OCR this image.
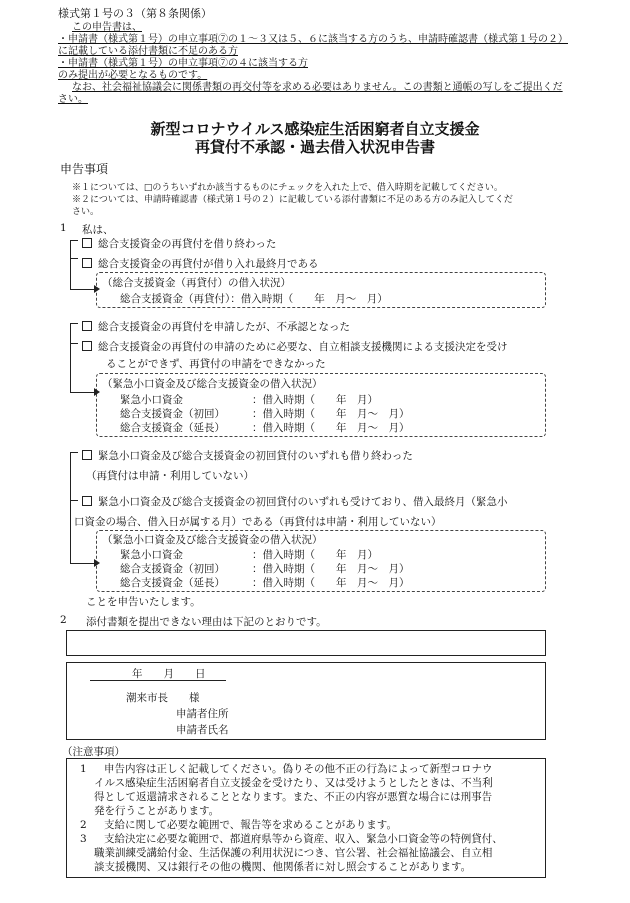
様式第１号の３（第８条関係）
この申告書は、
・申請書（様式第１号）の申立事項⑦の１〜３又は５、６に該当する方のうち、申請時確認書（様式第１号の２）
に記載している添付書類に不足のある方
・申請書（様式第１号）の申立事項⑦の４に該当する方
のみ提出が必要となるものです。
なお、社会福祉協議会に関係書類の再交付等を求める必要はありません。この書類と通帳の写しをご提出くだ
さい。
新型コロナウイルス感染症生活困窮者自立支援金
再貸付不承認・過去借入状況申告書
申告事項
※１については、□のうちいずれか該当するものにチェックを入れた上で、借入時期を記載してください。
※２については、申請時確認書（様式第１号の２）に記載している添付書類に不足のある方のみ記入してくだ
さい。
1 私は、
総合支援資金の再貸付を借り終わった
総合支援資金の再貸付が借り入れ最終月である
（総合支援資金（再貸付）の借入状況）
総合支援資金（再貸付）：借入時期（　　年　月〜　月）
総合支援資金の再貸付を申請したが、不承認となった
総合支援資金の再貸付の申請のために必要な、自立相談支援機関による支援決定を受け
ることができず、再貸付の申請をできなかった
（緊急小口資金及び総合支援資金の借入状況）
緊急小口資金	：借入時期（　　年　月）
総合支援資金（初回）	：借入時期（　　年　月〜　月）
総合支援資金（延長）	：借入時期（　　年　月〜　月）
緊急小口資金及び総合支援資金の初回貸付のいずれも借り終わった
（再貸付は申請・利用していない）
緊急小口資金及び総合支援資金の初回貸付のいずれも受けており、借入最終月（緊急小
口資金の場合、借入日が属する月）である（再貸付は申請・利用していない）
（緊急小口資金及び総合支援資金の借入状況）
緊急小口資金	：借入時期（　　年　月）
総合支援資金（初回）	：借入時期（　　年　月〜　月）
総合支援資金（延長）	：借入時期（　　年　月〜　月）
ことを申告いたします。
2 添付書類を提出できない理由は下記のとおりです。
年　　月　　日
潮来市長　　様
申請者住所
申請者氏名
（注意事項）
1 申告内容は正しく記載してください。偽りその他不正の行為によって新型コロナウ
イルス感染症生活困窮者自立支援金を受けたり、又は受けようとしたときは、不当利
得として返還請求されることとなります。また、不正の内容が悪質な場合には刑事告
発を行うことがあります。
2 支給に関して必要な範囲で、報告等を求めることがあります。
3 支給決定に必要な範囲で、都道府県等から資産、収入、緊急小口資金等の特例貸付、
職業訓練受講給付金、生活保護の利用状況につき、官公署、社会福祉協議会、自立相
談支援機関、又は銀行その他の機関、他関係者に対し照会することがあります。
